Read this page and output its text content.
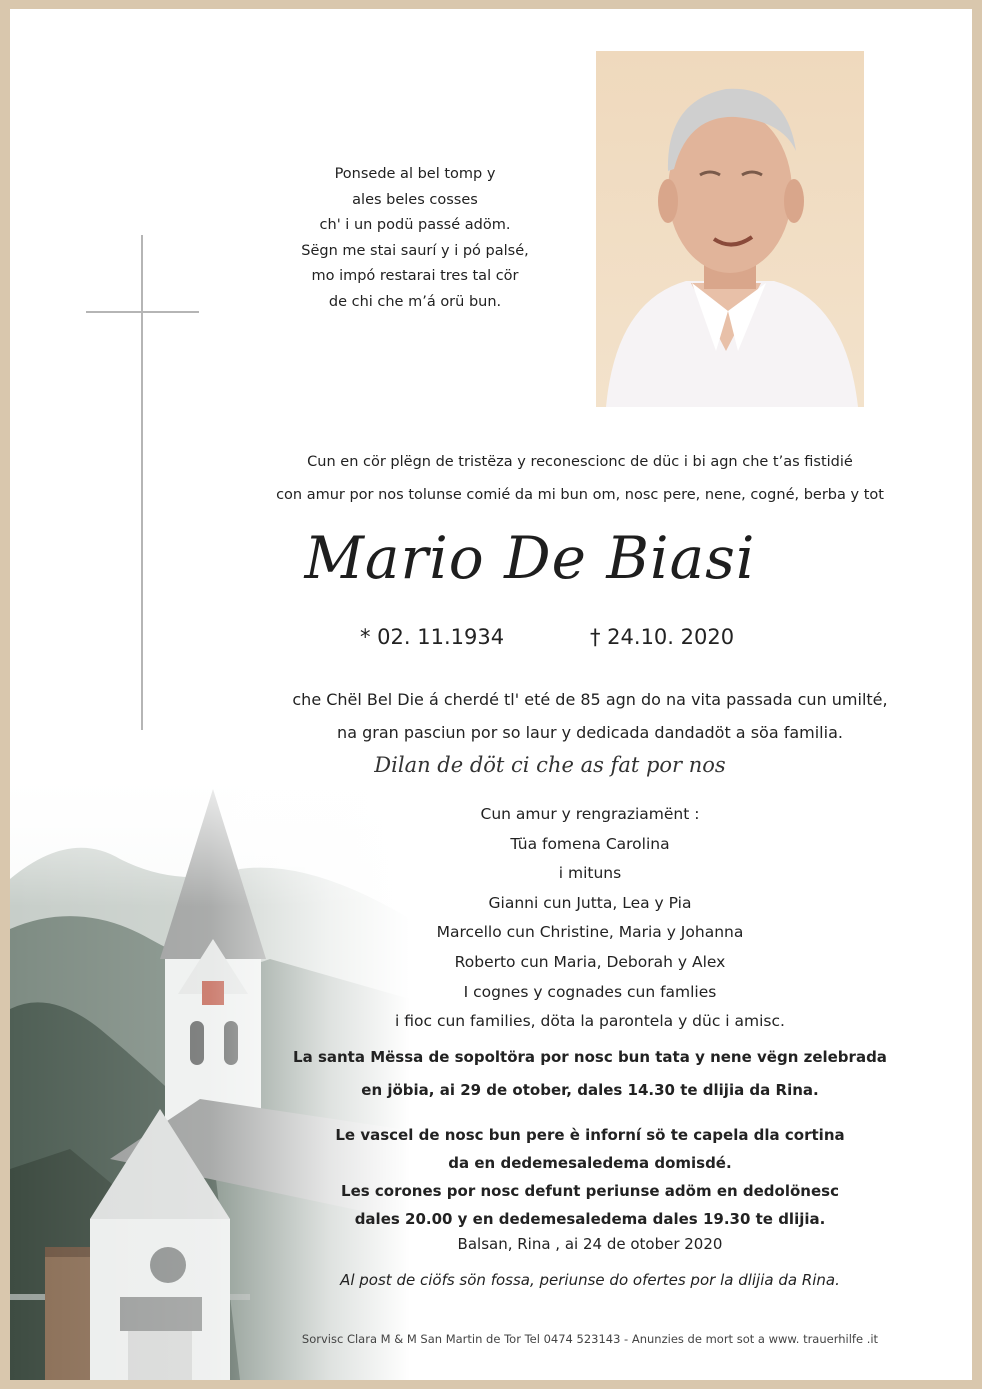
Ponsede al bel tomp y
ales beles cosses
ch' i un podü passé adöm.
Sëgn me stai saurí y i pó palsé,
mo impó restarai tres tal cör
de chi che m’á orü bun.
Cun en cör plëgn de tristëza y reconescionc de düc i bi agn che t’as fistidié
con amur por nos tolunse comié da mi bun om, nosc pere, nene, cogné, berba y tot
Mario De Biasi
* 02. 11.1934	† 24.10. 2020
che Chël Bel Die á cherdé tl' eté de 85 agn do na vita passada cun umilté,
na gran pasciun por so laur y dedicada dandadöt a söa familia.
Dilan de döt ci che as fat por nos
Cun amur y rengraziamënt :
Tüa fomena Carolina
i mituns
Gianni cun Jutta, Lea y Pia
Marcello cun Christine, Maria y Johanna
Roberto cun Maria, Deborah y Alex
I cognes y cognades cun famlies
i fioc cun families, döta la parontela y düc i amisc.
La santa Mëssa de sopoltöra por nosc bun tata y nene vëgn zelebrada
en jöbia, ai 29 de otober, dales 14.30 te dlijia da Rina.
Le vascel de nosc bun pere è inforní sö te capela dla cortina
da en dedemesaledema domisdé.
Les corones por nosc defunt periunse adöm en dedolönesc
dales 20.00 y en dedemesaledema dales 19.30 te dlijia.
Balsan, Rina , ai 24 de otober 2020
Al post de ciöfs sön fossa, periunse do ofertes por la dlijia da Rina.
Sorvisc Clara M & M San Martin de Tor Tel 0474 523143 - Anunzies de mort sot a www. trauerhilfe .it
